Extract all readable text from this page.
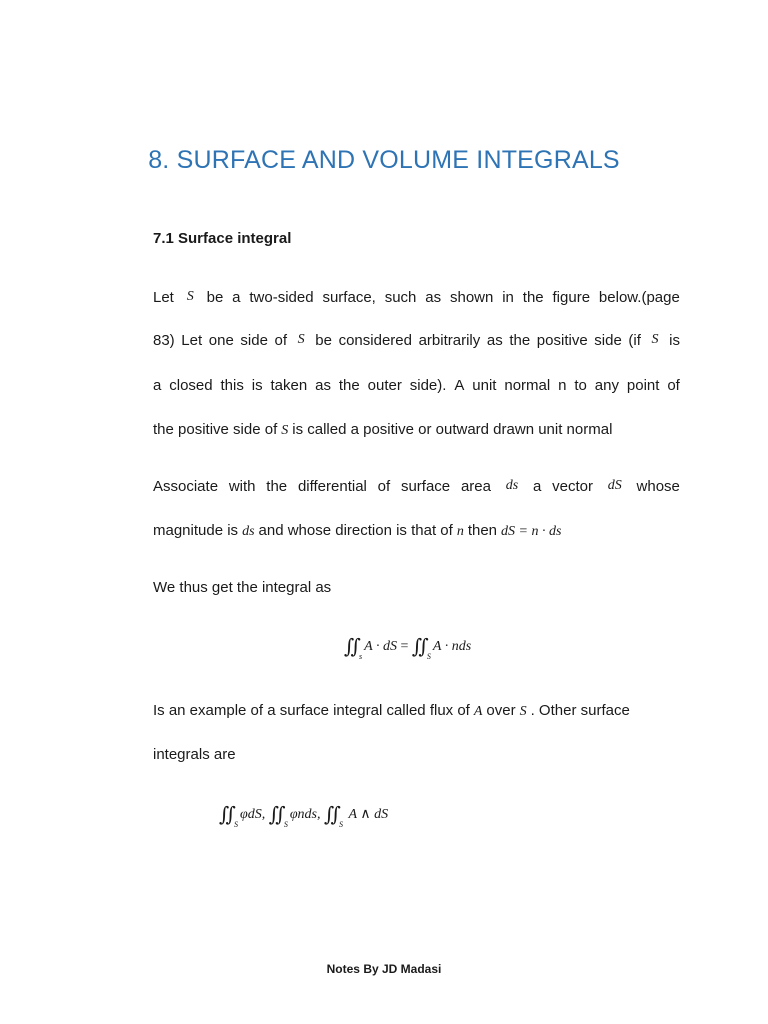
8. SURFACE AND VOLUME INTEGRALS
7.1 Surface integral
Let S be a two-sided surface, such as shown in the figure below.(page
83) Let one side of S be considered arbitrarily as the positive side (if S is
a closed this is taken as the outer side). A unit normal n to any point of
the positive side of S is called a positive or outward drawn unit normal
Associate with the differential of surface area ds a vector dS whose
magnitude is ds and whose direction is that of n then dS = n · ds
We thus get the integral as
∬ $_s$A · dS = ∬ $_S$A · nds
Is an example of a surface integral called flux of A over S . Other surface
integrals are
∬ $_S$φdS, ∬ $_S$φnds, ∬ $_S$ A ∧ dS
Notes By JD Madasi
